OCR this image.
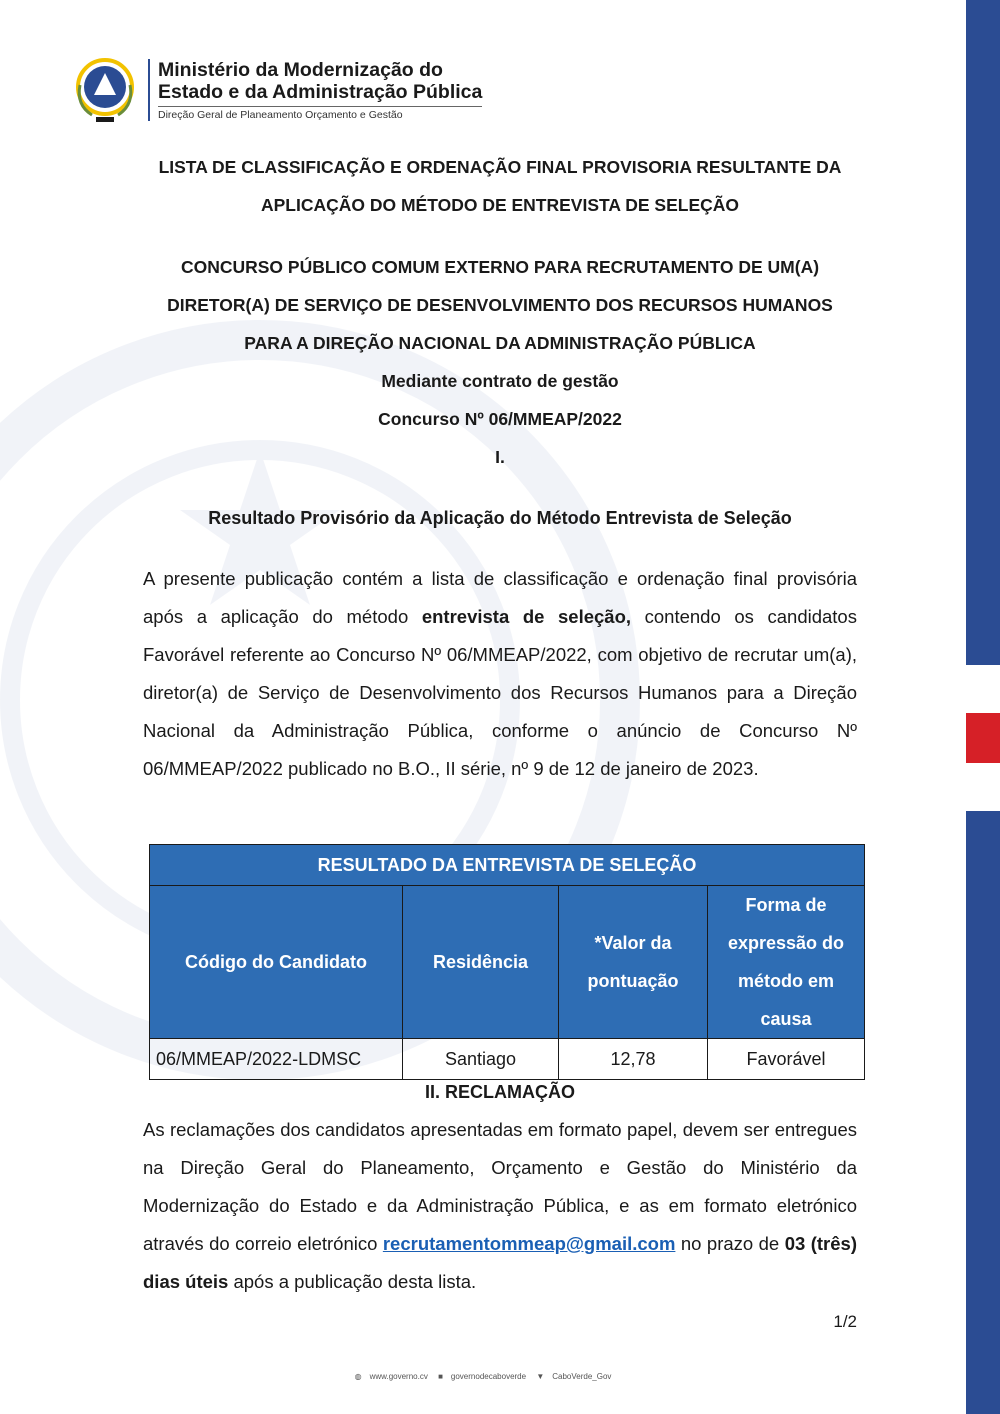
Ministério da Modernização do
Estado e da Administração Pública
Direção Geral de Planeamento Orçamento e Gestão
LISTA DE CLASSIFICAÇÃO E ORDENAÇÃO FINAL PROVISORIA RESULTANTE DA
APLICAÇÃO DO MÉTODO DE ENTREVISTA DE SELEÇÃO
CONCURSO PÚBLICO COMUM EXTERNO PARA RECRUTAMENTO DE UM(A)
DIRETOR(A) DE SERVIÇO DE DESENVOLVIMENTO DOS RECURSOS HUMANOS
PARA A DIREÇÃO NACIONAL DA ADMINISTRAÇÃO PÚBLICA
Mediante contrato de gestão
Concurso Nº 06/MMEAP/2022
I.
Resultado Provisório da Aplicação do Método Entrevista de Seleção
A presente publicação contém a lista de classificação e ordenação final provisória após a aplicação do método entrevista de seleção, contendo os candidatos Favorável referente ao Concurso Nº 06/MMEAP/2022, com objetivo de recrutar um(a), diretor(a) de Serviço de Desenvolvimento dos Recursos Humanos para a Direção Nacional da Administração Pública, conforme o anúncio de Concurso Nº 06/MMEAP/2022 publicado no B.O., II série, nº 9 de 12 de janeiro de 2023.
RESULTADO DA ENTREVISTA DE SELEÇÃO			
Código do Candidato	Residência	*Valor da pontuação	Forma de expressão do método em causa
06/MMEAP/2022-LDMSC	Santiago	12,78	Favorável
II. RECLAMAÇÃO
As reclamações dos candidatos apresentadas em formato papel, devem ser entregues na Direção Geral do Planeamento, Orçamento e Gestão do Ministério da Modernização do Estado e da Administração Pública, e as em formato eletrónico através do correio eletrónico recrutamentommeap@gmail.com no prazo de 03 (três) dias úteis após a publicação desta lista.
1/2
◍ www.governo.cv ■ governodecaboverde ▼ CaboVerde_Gov
